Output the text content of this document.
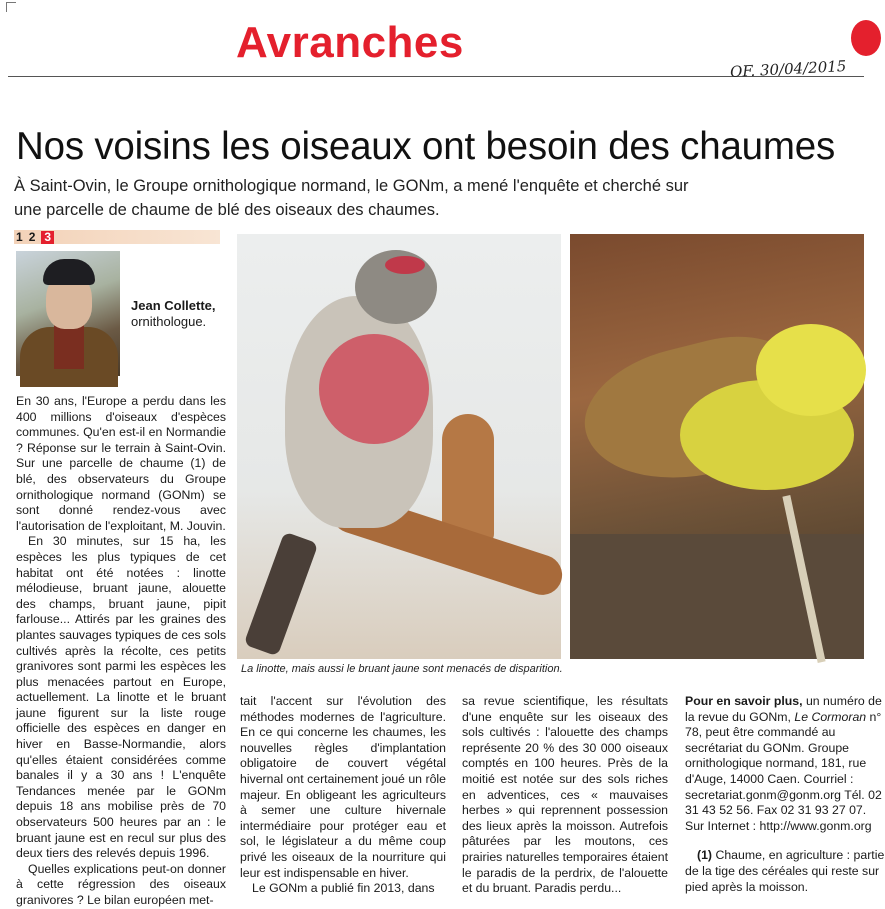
Avranches
OF. 30/04/2015
Nos voisins les oiseaux ont besoin des chaumes
À Saint-Ovin, le Groupe ornithologique normand, le GONm, a mené l'enquête et cherché sur une parcelle de chaume de blé des oiseaux des chaumes.
1 2 3
Jean Collette,
ornithologue.
La linotte, mais aussi le bruant jaune sont menacés de disparition.

En 30 ans, l'Europe a perdu dans les 400 millions d'oiseaux d'espèces communes. Qu'en est-il en Normandie ? Réponse sur le terrain à Saint-Ovin. Sur une parcelle de chaume (1) de blé, des observateurs du Groupe ornithologique normand (GONm) se sont donné rendez-vous avec l'autorisation de l'exploitant, M. Jouvin.

En 30 minutes, sur 15 ha, les espèces les plus typiques de cet habitat ont été notées : linotte mélodieuse, bruant jaune, alouette des champs, bruant jaune, pipit farlouse... Attirés par les graines des plantes sauvages typiques de ces sols cultivés après la récolte, ces petits granivores sont parmi les espèces les plus menacées partout en Europe, actuellement. La linotte et le bruant jaune figurent sur la liste rouge officielle des espèces en danger en hiver en Basse-Normandie, alors qu'elles étaient considérées comme banales il y a 30 ans ! L'enquête Tendances menée par le GONm depuis 18 ans mobilise près de 70 observateurs 500 heures par an : le bruant jaune est en recul sur plus des deux tiers des relevés depuis 1996.

Quelles explications peut-on donner à cette régression des oiseaux granivores ? Le bilan européen met-

tait l'accent sur l'évolution des méthodes modernes de l'agriculture. En ce qui concerne les chaumes, les nouvelles règles d'implantation obligatoire de couvert végétal hivernal ont certainement joué un rôle majeur. En obligeant les agriculteurs à semer une culture hivernale intermédiaire pour protéger eau et sol, le législateur a du même coup privé les oiseaux de la nourriture qui leur est indispensable en hiver.

Le GONm a publié fin 2013, dans

sa revue scientifique, les résultats d'une enquête sur les oiseaux des sols cultivés : l'alouette des champs représente 20 % des 30 000 oiseaux comptés en 100 heures. Près de la moitié est notée sur des sols riches en adventices, ces « mauvaises herbes » qui reprennent possession des lieux après la moisson. Autrefois pâturées par les moutons, ces prairies naturelles temporaires étaient le paradis de la perdrix, de l'alouette et du bruant. Paradis perdu...

Pour en savoir plus, un numéro de la revue du GONm, Le Cormoran n° 78, peut être commandé au secrétariat du GONm. Groupe ornithologique normand, 181, rue d'Auge, 14000 Caen. Courriel : secretariat.gonm@gonm.org Tél. 02 31 43 52 56. Fax 02 31 93 27 07. Sur Internet : http://www.gonm.org

(1) Chaume, en agriculture : partie de la tige des céréales qui reste sur pied après la moisson.
